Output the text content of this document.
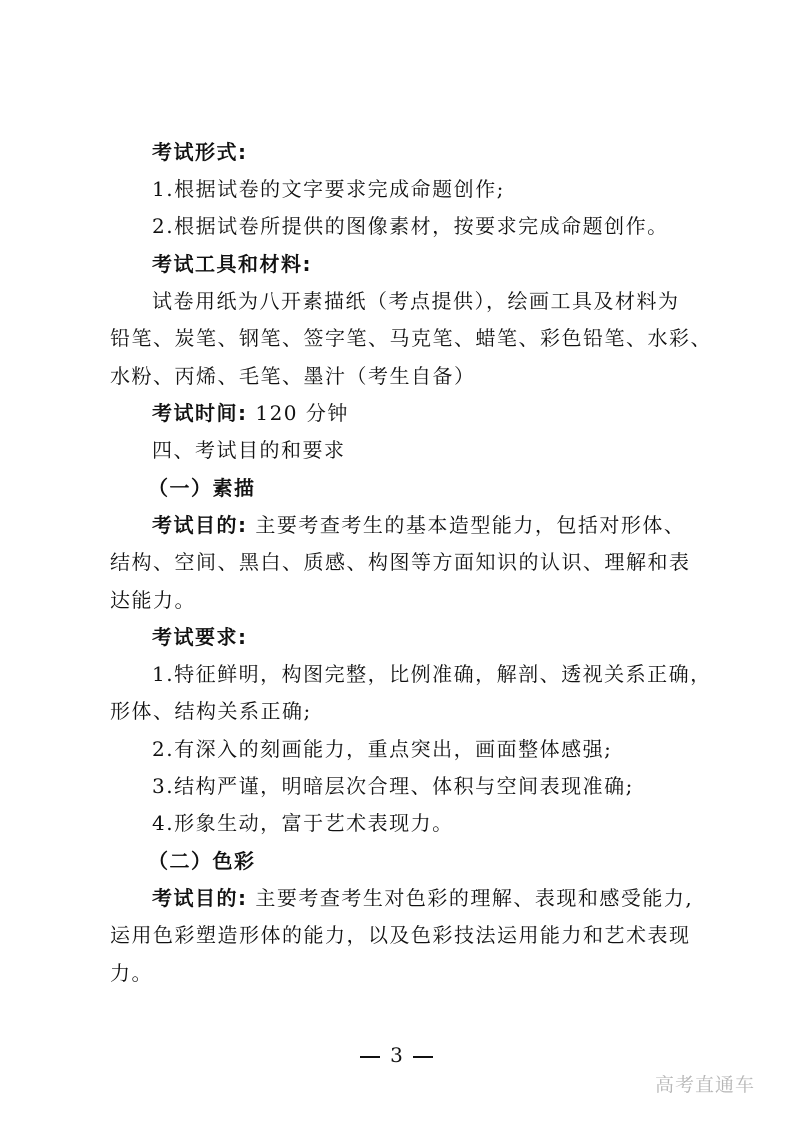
考试形式:
1.根据试卷的文字要求完成命题创作;
2.根据试卷所提供的图像素材，按要求完成命题创作。
考试工具和材料:
试卷用纸为八开素描纸（考点提供），绘画工具及材料为
铅笔、炭笔、钢笔、签字笔、马克笔、蜡笔、彩色铅笔、水彩、
水粉、丙烯、毛笔、墨汁（考生自备）
考试时间: 120 分钟
四、考试目的和要求
（一）素描
考试目的: 主要考查考生的基本造型能力，包括对形体、
结构、空间、黑白、质感、构图等方面知识的认识、理解和表
达能力。
考试要求:
1.特征鲜明，构图完整，比例准确，解剖、透视关系正确，
形体、结构关系正确;
2.有深入的刻画能力，重点突出，画面整体感强;
3.结构严谨，明暗层次合理、体积与空间表现准确;
4.形象生动，富于艺术表现力。
（二）色彩
考试目的: 主要考查考生对色彩的理解、表现和感受能力,
运用色彩塑造形体的能力，以及色彩技法运用能力和艺术表现
力。
3
高考直通车
